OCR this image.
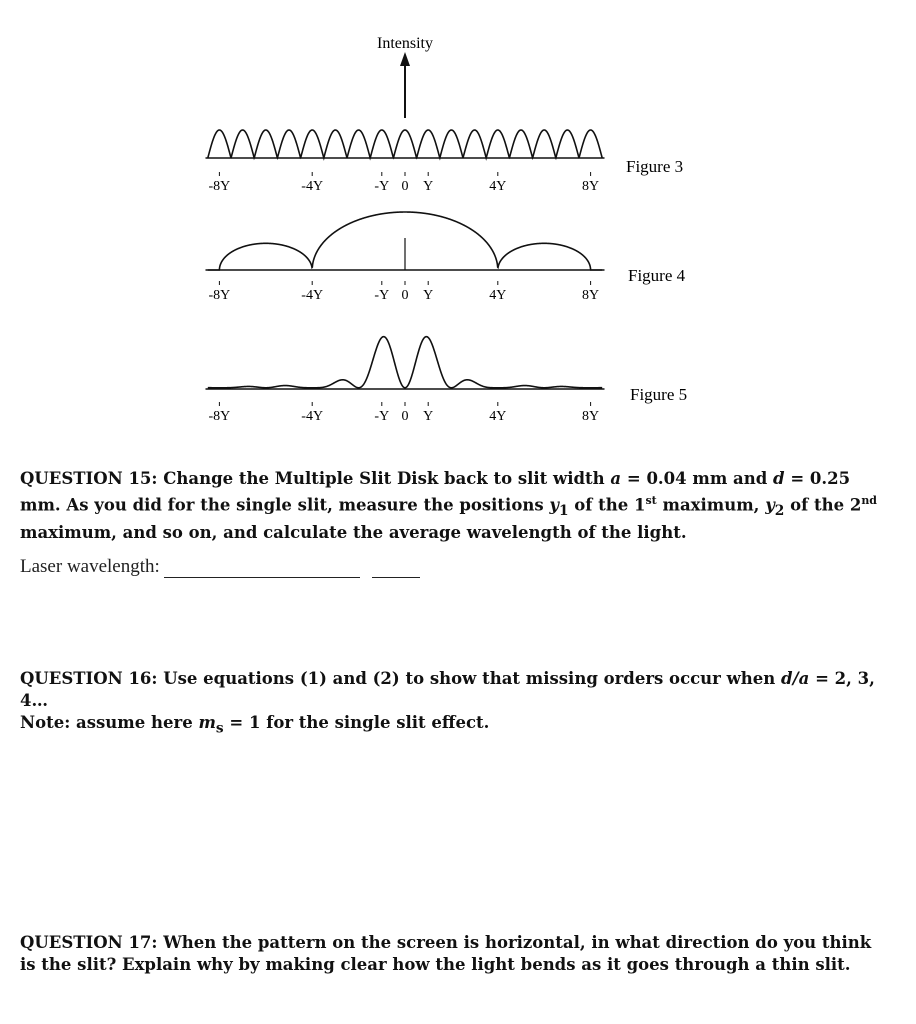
Intensity
-8Y	-4Y	-Y 0 Y	4Y	8Y
-8Y	-4Y	-Y 0 Y	4Y	8Y
-8Y	-4Y	-Y 0 Y	4Y	8Y
Figure 3
Figure 4
Figure 5
QUESTION 15: Change the Multiple Slit Disk back to slit width a = 0.04 mm and d = 0.25 mm. As you did for the single slit, measure the positions $y_1$ of the 1st maximum, $y_2$ of the 2nd maximum, and so on, and calculate the average wavelength of the light.
Laser wavelength:
QUESTION 16: Use equations (1) and (2) to show that missing orders occur when d/a = 2, 3, 4…
Note: assume here $m_s = 1$ for the single slit effect.
QUESTION 17: When the pattern on the screen is horizontal, in what direction do you think is the slit? Explain why by making clear how the light bends as it goes through a thin slit.
